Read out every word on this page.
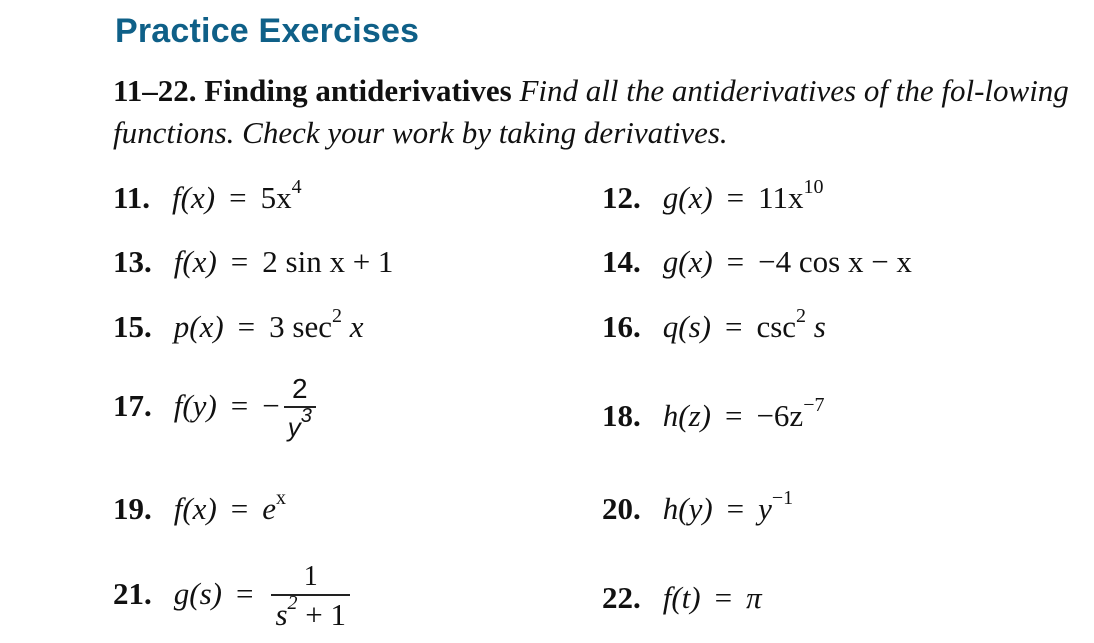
Practice Exercises
11–22. Finding antiderivatives Find all the antiderivatives of the fol-lowing functions. Check your work by taking derivatives.
11. $f(x) = 5x^4$	12. $g(x) = 11x^{10}$
13. f(x) = 2 sin x + 1	14. g(x) = −4 cos x − x
15. p(x) = 3 $\sec^2 x$	16. $q(s) = \csc^2 s$
17. f(y) = − $\frac{2}{y^3}$	18. $h(z) = -6z^{-7}$
19. $f(x) = e^x$	20. $h(y) = y^{-1}$
21. $g(s) = \frac{1}{s^2 + 1}$	22. f(t) = π
